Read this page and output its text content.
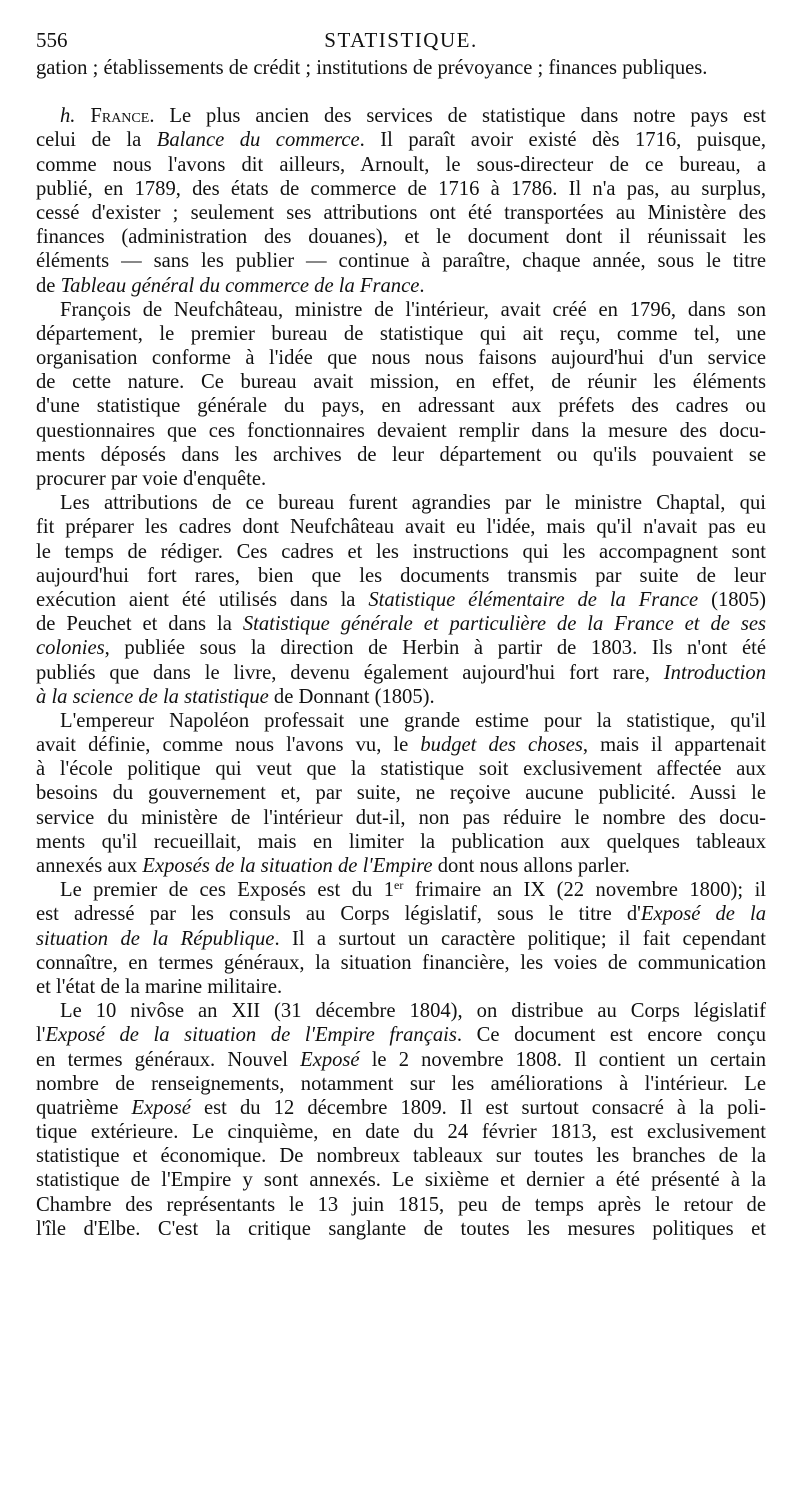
556	STATISTIQUE.
gation ; établissements de crédit ; institutions de prévoyance ; finances publiques.
h. France. Le plus ancien des services de statistique dans notre pays est
celui de la Balance du commerce. Il paraît avoir existé dès 1716, puisque,
comme nous l'avons dit ailleurs, Arnoult, le sous-directeur de ce bureau, a
publié, en 1789, des états de commerce de 1716 à 1786. Il n'a pas, au surplus,
cessé d'exister ; seulement ses attributions ont été transportées au Ministère des
finances (administration des douanes), et le document dont il réunissait les
éléments — sans les publier — continue à paraître, chaque année, sous le titre
de Tableau général du commerce de la France.
François de Neufchâteau, ministre de l'intérieur, avait créé en 1796, dans son
département, le premier bureau de statistique qui ait reçu, comme tel, une
organisation conforme à l'idée que nous nous faisons aujourd'hui d'un service
de cette nature. Ce bureau avait mission, en effet, de réunir les éléments
d'une statistique générale du pays, en adressant aux préfets des cadres ou
questionnaires que ces fonctionnaires devaient remplir dans la mesure des docu-
ments déposés dans les archives de leur département ou qu'ils pouvaient se
procurer par voie d'enquête.
Les attributions de ce bureau furent agrandies par le ministre Chaptal, qui
fit préparer les cadres dont Neufchâteau avait eu l'idée, mais qu'il n'avait pas eu
le temps de rédiger. Ces cadres et les instructions qui les accompagnent sont
aujourd'hui fort rares, bien que les documents transmis par suite de leur
exécution aient été utilisés dans la Statistique élémentaire de la France (1805)
de Peuchet et dans la Statistique générale et particulière de la France et de ses
colonies, publiée sous la direction de Herbin à partir de 1803. Ils n'ont été
publiés que dans le livre, devenu également aujourd'hui fort rare, Introduction
à la science de la statistique de Donnant (1805).
L'empereur Napoléon professait une grande estime pour la statistique, qu'il
avait définie, comme nous l'avons vu, le budget des choses, mais il appartenait
à l'école politique qui veut que la statistique soit exclusivement affectée aux
besoins du gouvernement et, par suite, ne reçoive aucune publicité. Aussi le
service du ministère de l'intérieur dut-il, non pas réduire le nombre des docu-
ments qu'il recueillait, mais en limiter la publication aux quelques tableaux
annexés aux Exposés de la situation de l'Empire dont nous allons parler.
Le premier de ces Exposés est du 1er frimaire an IX (22 novembre 1800); il
est adressé par les consuls au Corps législatif, sous le titre d'Exposé de la
situation de la République. Il a surtout un caractère politique; il fait cependant
connaître, en termes généraux, la situation financière, les voies de communication
et l'état de la marine militaire.
Le 10 nivôse an XII (31 décembre 1804), on distribue au Corps législatif
l'Exposé de la situation de l'Empire français. Ce document est encore conçu
en termes généraux. Nouvel Exposé le 2 novembre 1808. Il contient un certain
nombre de renseignements, notamment sur les améliorations à l'intérieur. Le
quatrième Exposé est du 12 décembre 1809. Il est surtout consacré à la poli-
tique extérieure. Le cinquième, en date du 24 février 1813, est exclusivement
statistique et économique. De nombreux tableaux sur toutes les branches de la
statistique de l'Empire y sont annexés. Le sixième et dernier a été présenté à la
Chambre des représentants le 13 juin 1815, peu de temps après le retour de
l'île d'Elbe. C'est la critique sanglante de toutes les mesures politiques et
